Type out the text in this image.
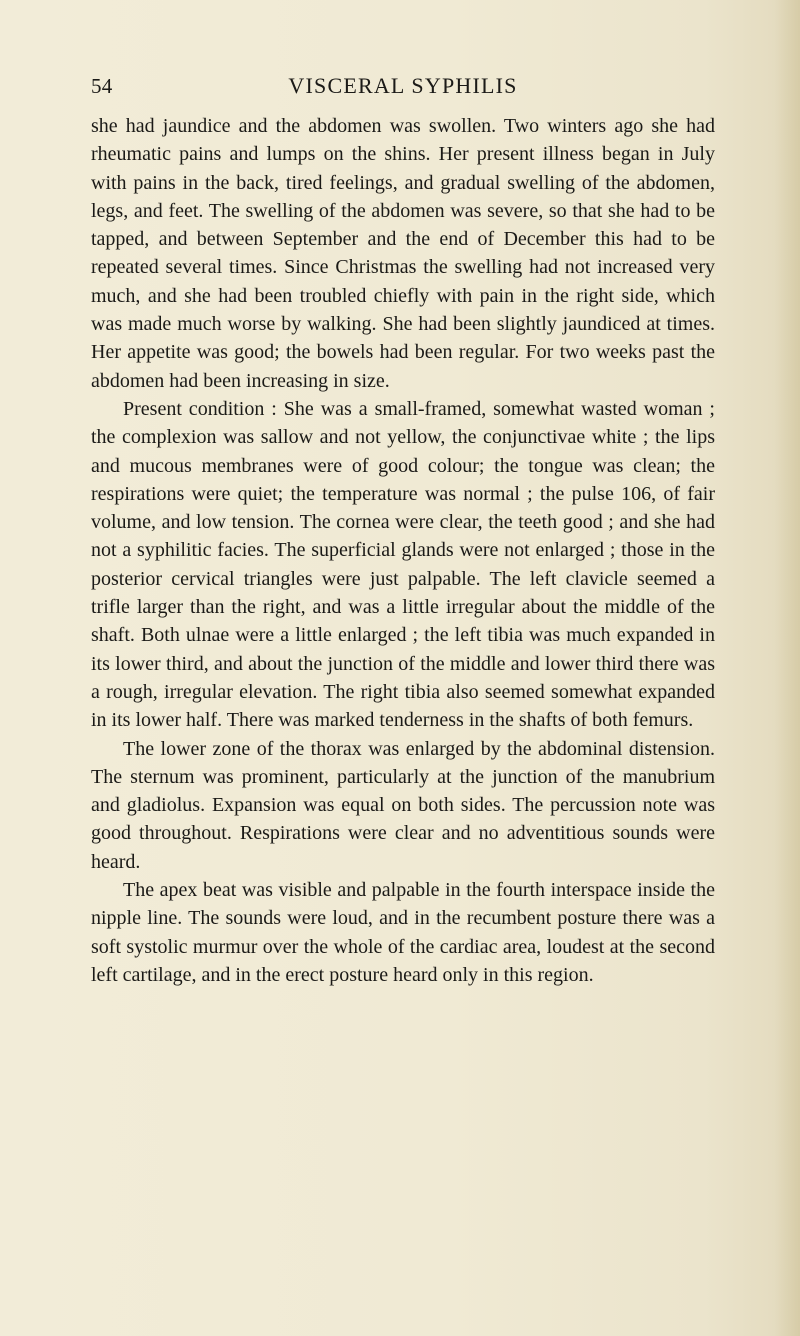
54	VISCERAL SYPHILIS

she had jaundice and the abdomen was swollen. Two winters ago she had rheumatic pains and lumps on the shins. Her present illness began in July with pains in the back, tired feelings, and gradual swelling of the abdomen, legs, and feet. The swelling of the abdomen was severe, so that she had to be tapped, and between September and the end of December this had to be repeated several times. Since Christmas the swelling had not increased very much, and she had been troubled chiefly with pain in the right side, which was made much worse by walking. She had been slightly jaundiced at times. Her appetite was good; the bowels had been regular. For two weeks past the abdomen had been increasing in size.

Present condition : She was a small-framed, somewhat wasted woman ; the complexion was sallow and not yellow, the conjunctivae white ; the lips and mucous membranes were of good colour; the tongue was clean; the respirations were quiet; the temperature was normal ; the pulse 106, of fair volume, and low tension. The cornea were clear, the teeth good ; and she had not a syphilitic facies. The superficial glands were not enlarged ; those in the posterior cervical triangles were just palpable. The left clavicle seemed a trifle larger than the right, and was a little irregular about the middle of the shaft. Both ulnae were a little enlarged ; the left tibia was much expanded in its lower third, and about the junction of the middle and lower third there was a rough, irregular elevation. The right tibia also seemed somewhat expanded in its lower half. There was marked tenderness in the shafts of both femurs.

The lower zone of the thorax was enlarged by the abdominal distension. The sternum was prominent, particularly at the junction of the manubrium and gladiolus. Expansion was equal on both sides. The percussion note was good throughout. Respirations were clear and no adventitious sounds were heard.

The apex beat was visible and palpable in the fourth interspace inside the nipple line. The sounds were loud, and in the recumbent posture there was a soft systolic murmur over the whole of the cardiac area, loudest at the second left cartilage, and in the erect posture heard only in this region.
